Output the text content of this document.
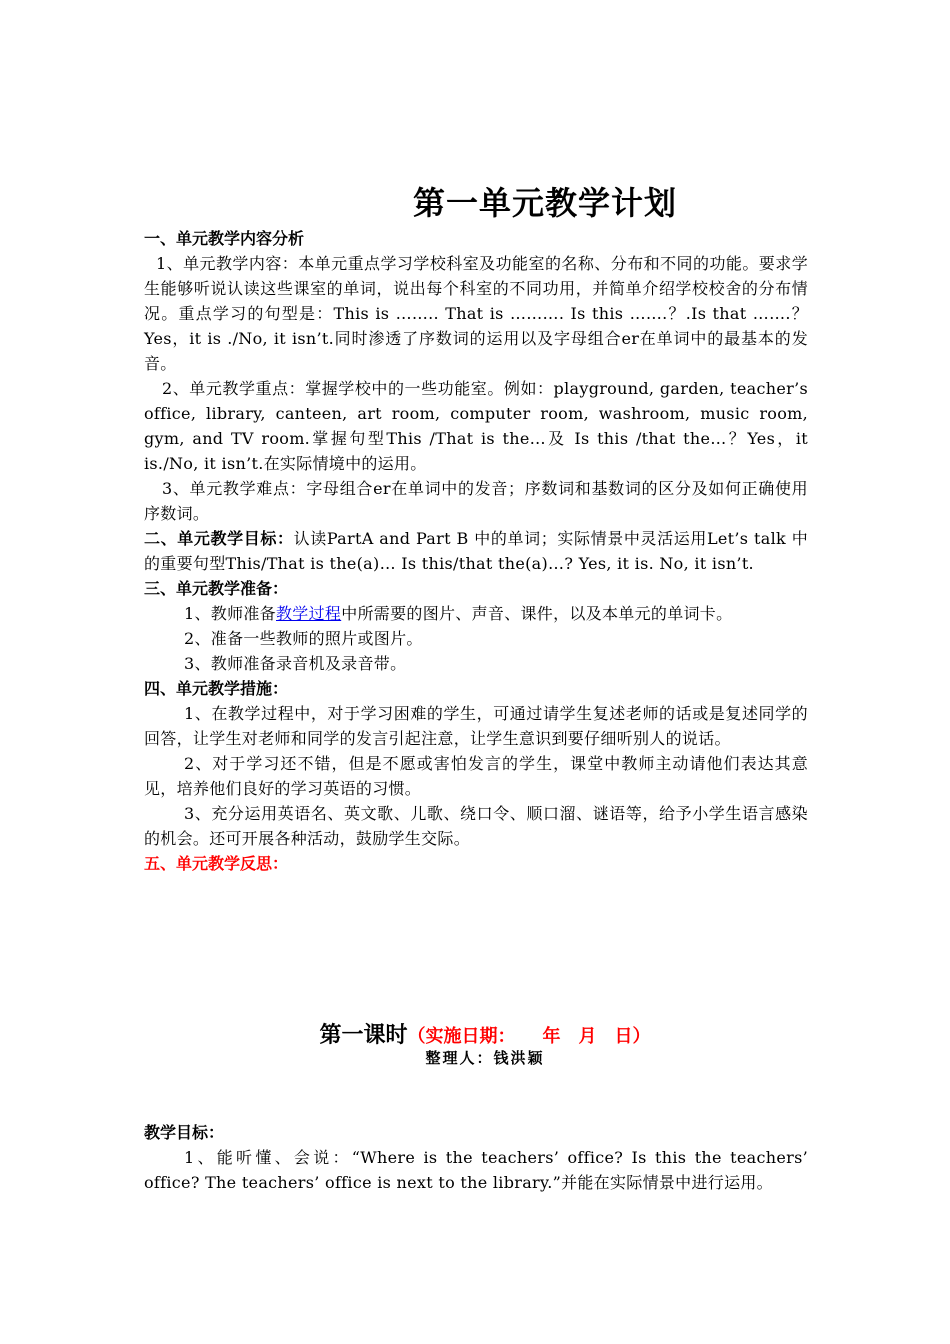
第一单元教学计划
一、单元教学内容分析

1、单元教学内容：本单元重点学习学校科室及功能室的名称、分布和不同的功能。要求学生能够听说认读这些课室的单词，说出每个科室的不同功用，并简单介绍学校校舍的分布情况。重点学习的句型是：This is …….. That is ………. Is this …….？.Is that …….？Yes，it is ./No, it isn’t.同时渗透了序数词的运用以及字母组合er在单词中的最基本的发音。

2、单元教学重点：掌握学校中的一些功能室。例如：playground, garden, teacher’s office, library, canteen, art room, computer room, washroom, music room, gym, and TV room.掌握句型This /That is the…及 Is this /that the…？Yes，it is./No, it isn’t.在实际情境中的运用。

3、单元教学难点：字母组合er在单词中的发音；序数词和基数词的区分及如何正确使用序数词。

二、单元教学目标：认读PartA and Part B 中的单词；实际情景中灵活运用Let’s talk 中的重要句型This/That is the(a)… Is this/that the(a)…? Yes, it is. No, it isn’t.

三、单元教学准备：

1、教师准备教学过程中所需要的图片、声音、课件，以及本单元的单词卡。

2、准备一些教师的照片或图片。

3、教师准备录音机及录音带。

四、单元教学措施：

1、在教学过程中，对于学习困难的学生，可通过请学生复述老师的话或是复述同学的回答，让学生对老师和同学的发言引起注意，让学生意识到要仔细听别人的说话。

2、对于学习还不错，但是不愿或害怕发言的学生，课堂中教师主动请他们表达其意见，培养他们良好的学习英语的习惯。

3、充分运用英语名、英文歌、儿歌、绕口令、顺口溜、谜语等，给予小学生语言感染的机会。还可开展各种活动，鼓励学生交际。

五、单元教学反思：
第一课时（实施日期：　　年　月　日）
整理人：钱洪颖
教学目标：

1、能听懂、会说：“Where is the teachers’ office? Is this the teachers’ office? The teachers’ office is next to the library.”并能在实际情景中进行运用。
